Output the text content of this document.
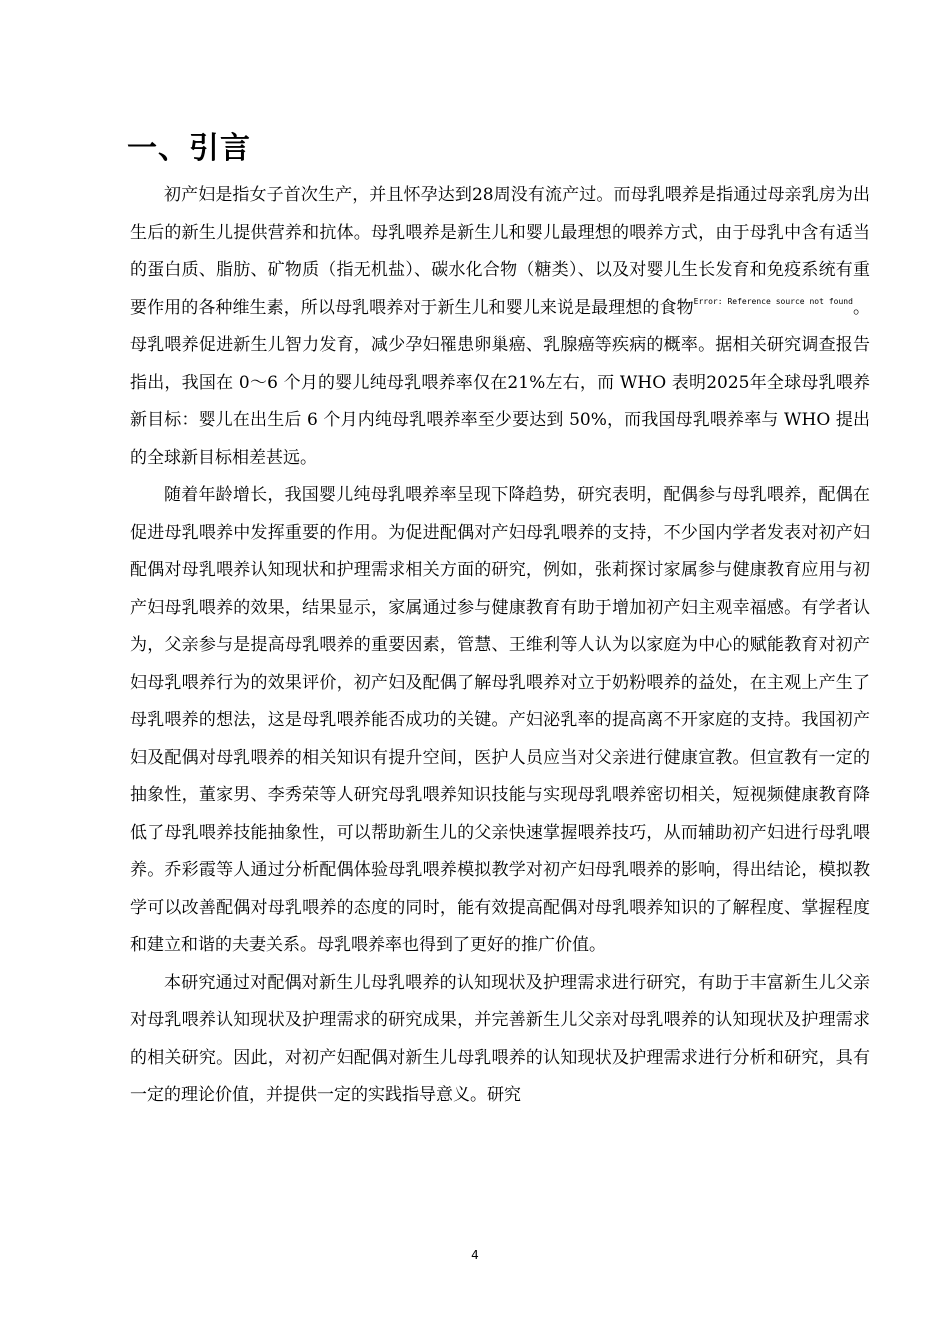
一、引言

初产妇是指女子首次生产，并且怀孕达到28周没有流产过。而母乳喂养是指通过母亲乳房为出生后的新生儿提供营养和抗体。母乳喂养是新生儿和婴儿最理想的喂养方式，由于母乳中含有适当的蛋白质、脂肪、矿物质（指无机盐）、碳水化合物（糖类）、以及对婴儿生长发育和免疫系统有重要作用的各种维生素，所以母乳喂养对于新生儿和婴儿来说是最理想的食物$^{Error: Reference source not found}$。母乳喂养促进新生儿智力发育，减少孕妇罹患卵巢癌、乳腺癌等疾病的概率。据相关研究调查报告指出，我国在 0～6 个月的婴儿纯母乳喂养率仅在21%左右，而 WHO 表明2025年全球母乳喂养新目标：婴儿在出生后 6 个月内纯母乳喂养率至少要达到 50%，而我国母乳喂养率与 WHO 提出的全球新目标相差甚远。

随着年龄增长，我国婴儿纯母乳喂养率呈现下降趋势，研究表明，配偶参与母乳喂养，配偶在促进母乳喂养中发挥重要的作用。为促进配偶对产妇母乳喂养的支持，不少国内学者发表对初产妇配偶对母乳喂养认知现状和护理需求相关方面的研究，例如，张莉探讨家属参与健康教育应用与初产妇母乳喂养的效果，结果显示，家属通过参与健康教育有助于增加初产妇主观幸福感。有学者认为，父亲参与是提高母乳喂养的重要因素，管慧、王维利等人认为以家庭为中心的赋能教育对初产妇母乳喂养行为的效果评价，初产妇及配偶了解母乳喂养对立于奶粉喂养的益处，在主观上产生了母乳喂养的想法，这是母乳喂养能否成功的关键。产妇泌乳率的提高离不开家庭的支持。我国初产妇及配偶对母乳喂养的相关知识有提升空间，医护人员应当对父亲进行健康宣教。但宣教有一定的抽象性，董家男、李秀荣等人研究母乳喂养知识技能与实现母乳喂养密切相关，短视频健康教育降低了母乳喂养技能抽象性，可以帮助新生儿的父亲快速掌握喂养技巧，从而辅助初产妇进行母乳喂养。乔彩霞等人通过分析配偶体验母乳喂养模拟教学对初产妇母乳喂养的影响，得出结论，模拟教学可以改善配偶对母乳喂养的态度的同时，能有效提高配偶对母乳喂养知识的了解程度、掌握程度和建立和谐的夫妻关系。母乳喂养率也得到了更好的推广价值。

本研究通过对配偶对新生儿母乳喂养的认知现状及护理需求进行研究，有助于丰富新生儿父亲对母乳喂养认知现状及护理需求的研究成果，并完善新生儿父亲对母乳喂养的认知现状及护理需求的相关研究。因此，对初产妇配偶对新生儿母乳喂养的认知现状及护理需求进行分析和研究，具有一定的理论价值，并提供一定的实践指导意义。研究

4
